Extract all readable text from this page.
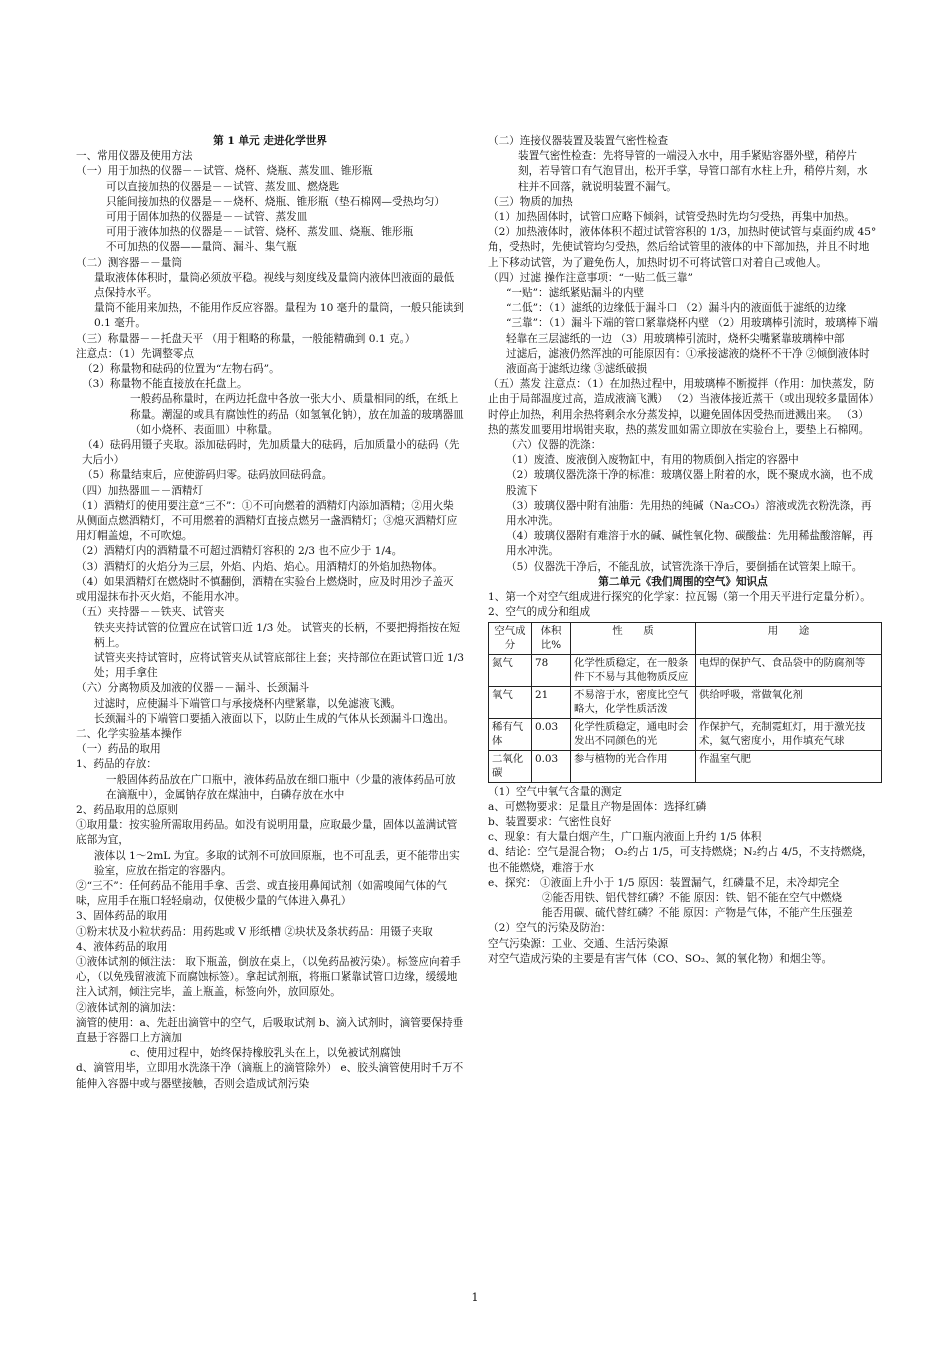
第 1 单元 走进化学世界

一、常用仪器及使用方法

（一）用于加热的仪器－－试管、烧杯、烧瓶、蒸发皿、锥形瓶

可以直接加热的仪器是－－试管、蒸发皿、燃烧匙

只能间接加热的仪器是－－烧杯、烧瓶、锥形瓶（垫石棉网—受热均匀）

可用于固体加热的仪器是－－试管、蒸发皿

可用于液体加热的仪器是－－试管、烧杯、蒸发皿、烧瓶、锥形瓶

不可加热的仪器——量筒、漏斗、集气瓶

（二）测容器－－量筒

量取液体体积时，量筒必须放平稳。视线与刻度线及量筒内液体凹液面的最低点保持水平。

量筒不能用来加热，不能用作反应容器。量程为 10 毫升的量筒，一般只能读到 0.1 毫升。

（三）称量器－－托盘天平 （用于粗略的称量，一般能精确到 0.1 克。）

注意点：（1）先调整零点

（2）称量物和砝码的位置为“左物右码”。

（3）称量物不能直接放在托盘上。

一般药品称量时，在两边托盘中各放一张大小、质量相同的纸，在纸上称量。潮湿的或具有腐蚀性的药品（如氢氧化钠），放在加盖的玻璃器皿（如小烧杯、表面皿）中称量。

（4）砝码用镊子夹取。添加砝码时，先加质量大的砝码，后加质量小的砝码（先大后小）

（5）称量结束后，应使游码归零。砝码放回砝码盒。

（四）加热器皿－－酒精灯

（1）酒精灯的使用要注意“三不”：①不可向燃着的酒精灯内添加酒精；②用火柴从侧面点燃酒精灯，不可用燃着的酒精灯直接点燃另一盏酒精灯；③熄灭酒精灯应用灯帽盖熄，不可吹熄。

（2）酒精灯内的酒精量不可超过酒精灯容积的 2/3 也不应少于 1/4。

（3）酒精灯的火焰分为三层，外焰、内焰、焰心。用酒精灯的外焰加热物体。

（4）如果酒精灯在燃烧时不慎翻倒，酒精在实验台上燃烧时，应及时用沙子盖灭或用湿抹布扑灭火焰，不能用水冲。

（五）夹持器－－铁夹、试管夹

铁夹夹持试管的位置应在试管口近 1/3 处。 试管夹的长柄，不要把拇指按在短柄上。

试管夹夹持试管时，应将试管夹从试管底部往上套；夹持部位在距试管口近 1/3 处；用手拿住

（六）分离物质及加液的仪器－－漏斗、长颈漏斗

过滤时，应使漏斗下端管口与承接烧杯内壁紧靠，以免滤液飞溅。

长颈漏斗的下端管口要插入液面以下，以防止生成的气体从长颈漏斗口逸出。

二、化学实验基本操作

（一）药品的取用

1、药品的存放：

一般固体药品放在广口瓶中，液体药品放在细口瓶中（少量的液体药品可放在滴瓶中），金属钠存放在煤油中，白磷存放在水中

2、药品取用的总原则

①取用量：按实验所需取用药品。如没有说明用量，应取最少量，固体以盖满试管底部为宜，

液体以 1～2mL 为宜。多取的试剂不可放回原瓶，也不可乱丢，更不能带出实验室，应放在指定的容器内。

②“三不”：任何药品不能用手拿、舌尝、或直接用鼻闻试剂（如需嗅闻气体的气味，应用手在瓶口轻轻扇动，仅使极少量的气体进入鼻孔）

3、固体药品的取用

①粉末状及小粒状药品：用药匙或 V 形纸槽 ②块状及条状药品：用镊子夹取

4、液体药品的取用

①液体试剂的倾注法： 取下瓶盖，倒放在桌上，（以免药品被污染）。标签应向着手心，（以免残留液流下而腐蚀标签）。拿起试剂瓶，将瓶口紧靠试管口边缘，缓缓地注入试剂，倾注完毕，盖上瓶盖，标签向外，放回原处。

②液体试剂的滴加法：

滴管的使用：a、先赶出滴管中的空气，后吸取试剂 b、滴入试剂时，滴管要保持垂直悬于容器口上方滴加

c、使用过程中，始终保持橡胶乳头在上，以免被试剂腐蚀

d、滴管用毕，立即用水洗涤干净（滴瓶上的滴管除外） e、胶头滴管使用时千万不能伸入容器中或与器壁接触，否则会造成试剂污染

（二）连接仪器装置及装置气密性检查

装置气密性检查：先将导管的一端浸入水中，用手紧贴容器外壁，稍停片刻，若导管口有气泡冒出，松开手掌，导管口部有水柱上升，稍停片刻，水柱并不回落，就说明装置不漏气。

（三）物质的加热

（1）加热固体时，试管口应略下倾斜，试管受热时先均匀受热，再集中加热。

（2）加热液体时，液体体积不超过试管容积的 1/3，加热时使试管与桌面约成 45°角，受热时，先使试管均匀受热，然后给试管里的液体的中下部加热，并且不时地上下移动试管，为了避免伤人，加热时切不可将试管口对着自己或他人。

（四）过滤 操作注意事项：“一贴二低三靠”

“一贴”：滤纸紧贴漏斗的内壁

“二低”：（1）滤纸的边缘低于漏斗口 （2）漏斗内的液面低于滤纸的边缘

“三靠”：（1）漏斗下端的管口紧靠烧杯内壁 （2）用玻璃棒引流时，玻璃棒下端轻靠在三层滤纸的一边 （3）用玻璃棒引流时，烧杯尖嘴紧靠玻璃棒中部

过滤后，滤液仍然浑浊的可能原因有：①承接滤液的烧杯不干净 ②倾倒液体时液面高于滤纸边缘 ③滤纸破损

（五）蒸发 注意点：（1）在加热过程中，用玻璃棒不断搅拌（作用：加快蒸发，防止由于局部温度过高，造成液滴飞溅） （2）当液体接近蒸干（或出现较多量固体）时停止加热，利用余热将剩余水分蒸发掉，以避免固体因受热而迸溅出来。 （3）热的蒸发皿要用坩埚钳夹取，热的蒸发皿如需立即放在实验台上，要垫上石棉网。

（六）仪器的洗涤：

（1）废渣、废液倒入废物缸中，有用的物质倒入指定的容器中

（2）玻璃仪器洗涤干净的标准：玻璃仪器上附着的水，既不聚成水滴，也不成股流下

（3）玻璃仪器中附有油脂：先用热的纯碱（Na₂CO₃）溶液或洗衣粉洗涤，再用水冲洗。

（4）玻璃仪器附有难溶于水的碱、碱性氧化物、碳酸盐：先用稀盐酸溶解，再用水冲洗。

（5）仪器洗干净后，不能乱放，试管洗涤干净后，要倒插在试管架上晾干。

第二单元《我们周围的空气》知识点

1、第一个对空气组成进行探究的化学家：拉瓦锡（第一个用天平进行定量分析）。

2、空气的成分和组成

空气成分	体积比%	性　　质	用　　途
氮气	78	化学性质稳定，在一般条件下不易与其他物质反应	电焊的保护气、食品袋中的防腐剂等
氧气	21	不易溶于水，密度比空气略大，化学性质活泼	供给呼吸，常做氧化剂
稀有气体	0.03	化学性质稳定，通电时会发出不同颜色的光	作保护气，充制霓虹灯，用于激光技术，氦气密度小，用作填充气球
二氧化碳	0.03	参与植物的光合作用	作温室气肥

（1）空气中氧气含量的测定

a、可燃物要求：足量且产物是固体：选择红磷

b、装置要求：气密性良好

c、现象：有大量白烟产生，广口瓶内液面上升约 1/5 体积

d、结论：空气是混合物； O₂约占 1/5，可支持燃烧；N₂约占 4/5，不支持燃烧，也不能燃烧，难溶于水

e、探究： ①液面上升小于 1/5 原因：装置漏气，红磷量不足，未冷却完全

②能否用铁、铝代替红磷？不能 原因：铁、铝不能在空气中燃烧

能否用碳、硫代替红磷？不能 原因：产物是气体，不能产生压强差

（2）空气的污染及防治：

空气污染源：工业、交通、生活污染源

对空气造成污染的主要是有害气体（CO、SO₂、氮的氧化物）和烟尘等。

1
